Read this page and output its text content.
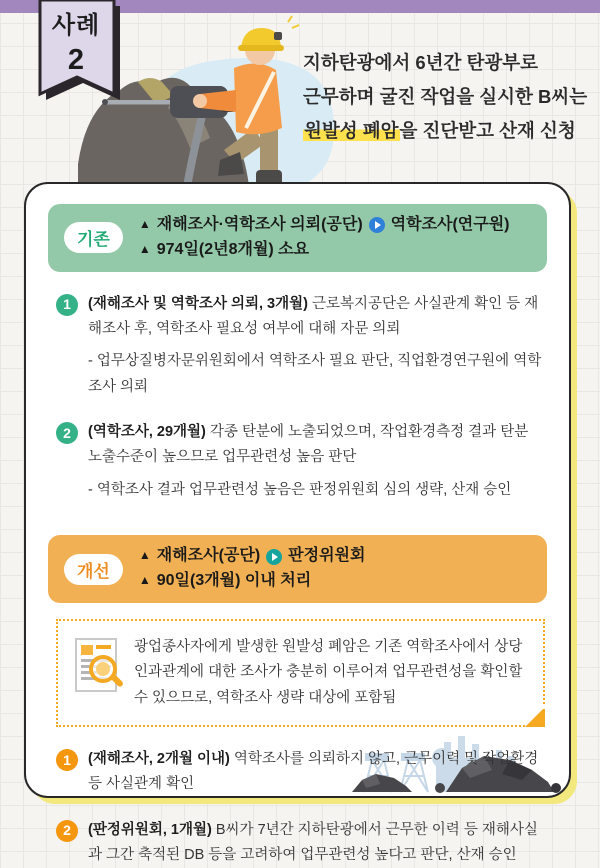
사례
2	지하탄광에서 6년간 탄광부로
근무하며 굴진 작업을 실시한 B씨는
원발성 폐암을 진단받고 산재 신청
기존
▲ 재해조사·역학조사 의뢰(공단) 역학조사(연구원)
▲ 974일(2년8개월) 소요
1	(재해조사 및 역학조사 의뢰, 3개월) 근로복지공단은 사실관계 확인 등 재해조사 후, 역학조사 필요성 여부에 대해 자문 의뢰

- 업무상질병자문위원회에서 역학조사 필요 판단, 직업환경연구원에 역학조사 의뢰

2	(역학조사, 29개월) 각종 탄분에 노출되었으며, 작업환경측정 결과 탄분 노출수준이 높으므로 업무관련성 높음 판단

- 역학조사 결과 업무관련성 높음은 판정위원회 심의 생략, 산재 승인

개선
▲ 재해조사(공단) 판정위원회
▲ 90일(3개월) 이내 처리

광업종사자에게 발생한 원발성 폐암은 기존 역학조사에서 상당인과관계에 대한 조사가 충분히 이루어져 업무관련성을 확인할 수 있으므로, 역학조사 생략 대상에 포함됨

1	(재해조사, 2개월 이내) 역학조사를 의뢰하지 않고, 근무이력 및 작업환경 등 사실관계 확인

2	(판정위원회, 1개월) B씨가 7년간 지하탄광에서 근무한 이력 등 재해사실과 그간 축적된 DB 등을 고려하여 업무관련성 높다고 판단, 산재 승인
